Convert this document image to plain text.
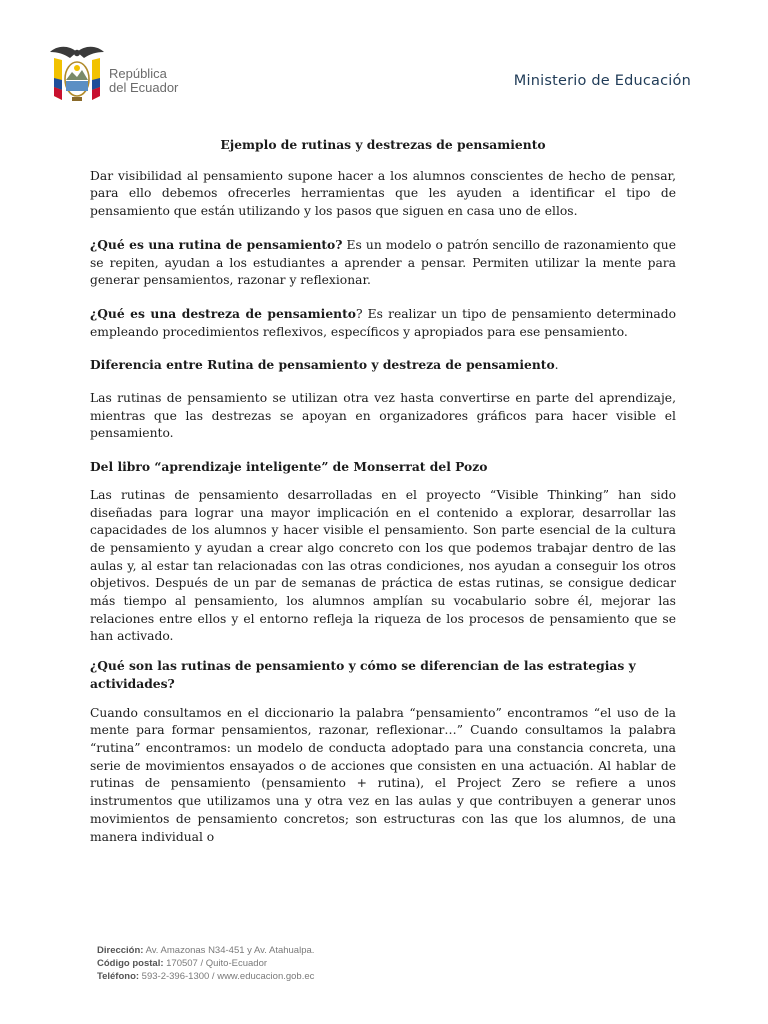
República
del Ecuador	Ministerio de Educación
Ejemplo de rutinas y destrezas de pensamiento

Dar visibilidad al pensamiento supone hacer a los alumnos conscientes de hecho de pensar, para ello debemos ofrecerles herramientas que les ayuden a identificar el tipo de pensamiento que están utilizando y los pasos que siguen en casa uno de ellos.

¿Qué es una rutina de pensamiento? Es un modelo o patrón sencillo de razonamiento que se repiten, ayudan a los estudiantes a aprender a pensar. Permiten utilizar la mente para generar pensamientos, razonar y reflexionar.

¿Qué es una destreza de pensamiento? Es realizar un tipo de pensamiento determinado empleando procedimientos reflexivos, específicos y apropiados para ese pensamiento.

Diferencia entre Rutina de pensamiento y destreza de pensamiento.

Las rutinas de pensamiento se utilizan otra vez hasta convertirse en parte del aprendizaje, mientras que las destrezas se apoyan en organizadores gráficos para hacer visible el pensamiento.

Del libro “aprendizaje inteligente” de Monserrat del Pozo

Las rutinas de pensamiento desarrolladas en el proyecto “Visible Thinking” han sido diseñadas para lograr una mayor implicación en el contenido a explorar, desarrollar las capacidades de los alumnos y hacer visible el pensamiento. Son parte esencial de la cultura de pensamiento y ayudan a crear algo concreto con los que podemos trabajar dentro de las aulas y, al estar tan relacionadas con las otras condiciones, nos ayudan a conseguir los otros objetivos. Después de un par de semanas de práctica de estas rutinas, se consigue dedicar más tiempo al pensamiento, los alumnos amplían su vocabulario sobre él, mejorar las relaciones entre ellos y el entorno refleja la riqueza de los procesos de pensamiento que se han activado.

¿Qué son las rutinas de pensamiento y cómo se diferencian de las estrategias y actividades?

Cuando consultamos en el diccionario la palabra “pensamiento” encontramos “el uso de la mente para formar pensamientos, razonar, reflexionar…” Cuando consultamos la palabra “rutina” encontramos: un modelo de conducta adoptado para una constancia concreta, una serie de movimientos ensayados o de acciones que consisten en una actuación. Al hablar de rutinas de pensamiento (pensamiento + rutina), el Project Zero se refiere a unos instrumentos que utilizamos una y otra vez en las aulas y que contribuyen a generar unos movimientos de pensamiento concretos; son estructuras con las que los alumnos, de una manera individual o

Dirección: Av. Amazonas N34-451 y Av. Atahualpa.
Código postal: 170507 / Quito-Ecuador
Teléfono: 593-2-396-1300 / www.educacion.gob.ec
